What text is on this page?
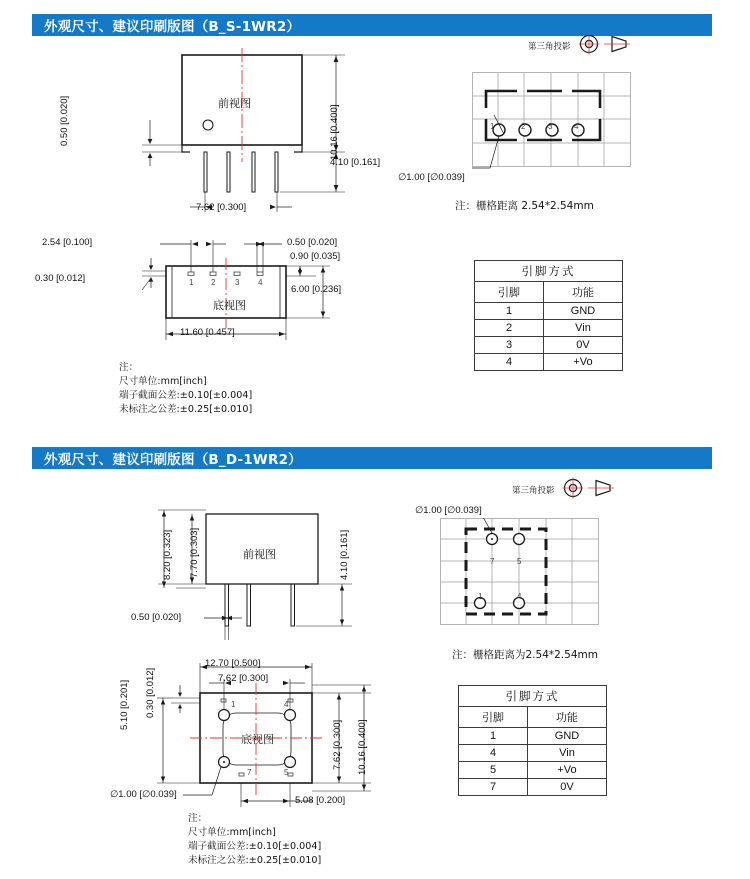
外观尺寸、建议印刷版图（B_S-1WR2）
前视图
0.50 [0.020]	10.16 [0.400]
4.10 [0.161]
7.62 [0.300]
底视图
2.54 [0.100]	0.50 [0.020]
0.90 [0.035]
0.30 [0.012]
6.00 [0.236]
11.60 [0.457]
1 2 3 4
注：
尺寸单位:mm[inch]
端子截面公差:±0.10[±0.004]
未标注之公差:±0.25[±0.010]
第三角投影
1	2	3	4
∅1.00 [∅0.039]
注：栅格距离 2.54*2.54mm
引脚方式	
引脚	功能
1	GND
2	Vin
3	0V
4	+Vo
外观尺寸、建议印刷版图（B_D-1WR2）
前视图
8.20 [0.323] 7.70 [0.303]	4.10 [0.161]
0.50 [0.020]
底视图
12.70 [0.500]
7.62 [0.300]
5.10 [0.201] 0.30 [0.012]
7.62 [0.300] 10.16 [0.400]
5.08 [0.200]
∅1.00 [∅0.039]
1	4
7	5
注：
尺寸单位:mm[inch]
端子截面公差:±0.10[±0.004]
未标注之公差:±0.25[±0.010]
第三角投影
∅1.00 [∅0.039]
7	5
1	4
注：栅格距离为2.54*2.54mm
引脚方式	
引脚	功能
1	GND
4	Vin
5	+Vo
7	0V
